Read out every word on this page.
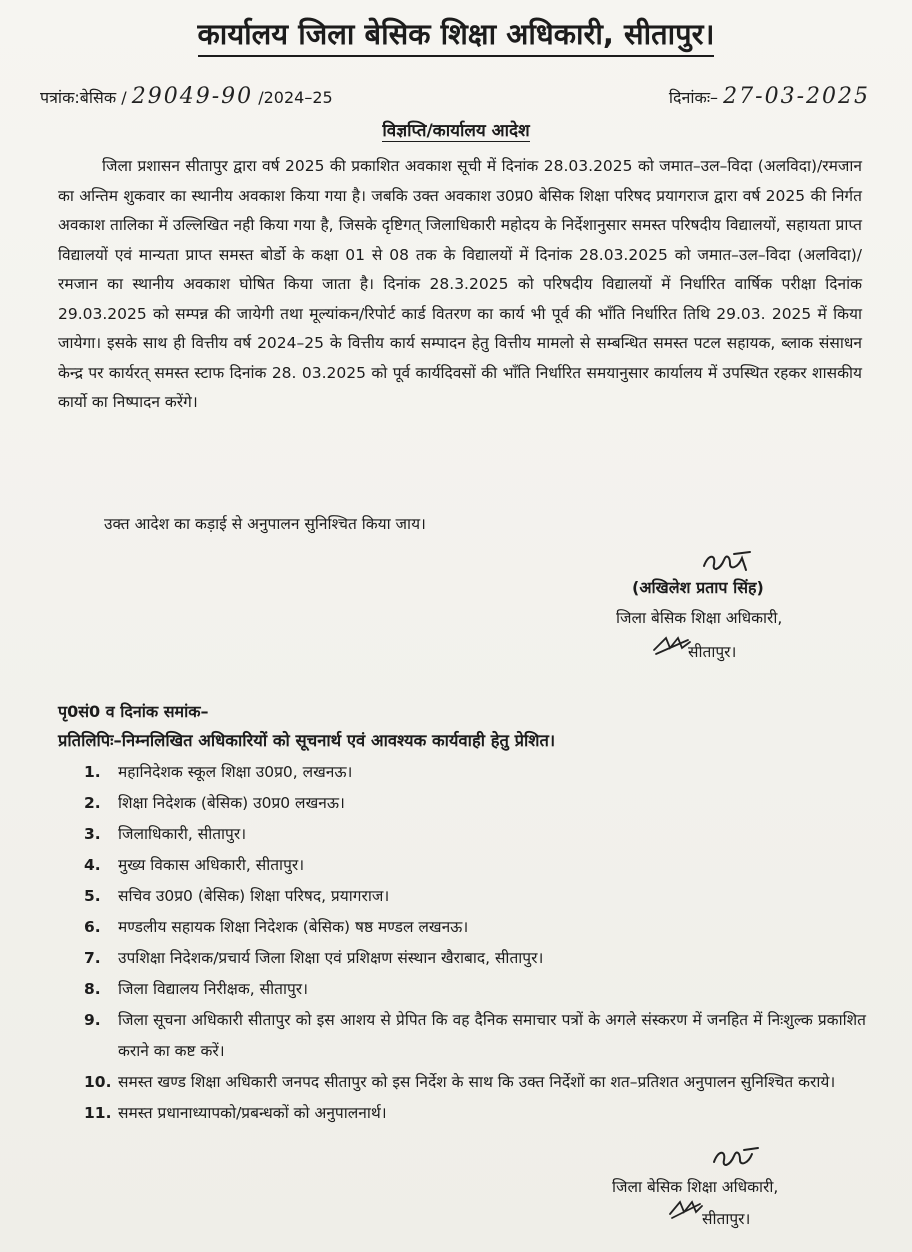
कार्यालय जिला बेसिक शिक्षा अधिकारी, सीतापुर।
पत्रांक:बेसिक / 29049-90 /2024–25	दिनांकः– 27-03-2025
विज्ञप्ति/कार्यालय आदेश

जिला प्रशासन सीतापुर द्वारा वर्ष 2025 की प्रकाशित अवकाश सूची में दिनांक 28.03.2025 को जमात–उल–विदा (अलविदा)/रमजान का अन्तिम शुकवार का स्थानीय अवकाश किया गया है। जबकि उक्त अवकाश उ0प्र0 बेसिक शिक्षा परिषद प्रयागराज द्वारा वर्ष 2025 की निर्गत अवकाश तालिका में उल्लिखित नही किया गया है, जिसके दृष्टिगत् जिलाधिकारी महोदय के निर्देशानुसार समस्त परिषदीय विद्यालयों, सहायता प्राप्त विद्यालयों एवं मान्यता प्राप्त समस्त बोर्डो के कक्षा 01 से 08 तक के विद्यालयों में दिनांक 28.03.2025 को जमात–उल–विदा (अलविदा)/रमजान का स्थानीय अवकाश घोषित किया जाता है। दिनांक 28.3.2025 को परिषदीय विद्यालयों में निर्धारित वार्षिक परीक्षा दिनांक 29.03.2025 को सम्पन्न की जायेगी तथा मूल्यांकन/रिपोर्ट कार्ड वितरण का कार्य भी पूर्व की भाँति निर्धारित तिथि 29.03. 2025 में किया जायेगा। इसके साथ ही वित्तीय वर्ष 2024–25 के वित्तीय कार्य सम्पादन हेतु वित्तीय मामलो से सम्बन्धित समस्त पटल सहायक, ब्लाक संसाधन केन्द्र पर कार्यरत् समस्त स्टाफ दिनांक 28. 03.2025 को पूर्व कार्यदिवसों की भाँति निर्धारित समयानुसार कार्यालय में उपस्थित रहकर शासकीय कार्यो का निष्पादन करेंगे।

उक्त आदेश का कड़ाई से अनुपालन सुनिश्चित किया जाय।
(अखिलेश प्रताप सिंह)
जिला बेसिक शिक्षा अधिकारी,
सीतापुर।
पृ0सं0 व दिनांक समांक–
प्रतिलिपिः–निम्नलिखित अधिकारियों को सूचनार्थ एवं आवश्यक कार्यवाही हेतु प्रेशित।
1.	महानिदेशक स्कूल शिक्षा उ0प्र0, लखनऊ।
2.	शिक्षा निदेशक (बेसिक) उ0प्र0 लखनऊ।
3.	जिलाधिकारी, सीतापुर।
4.	मुख्य विकास अधिकारी, सीतापुर।
5.	सचिव उ0प्र0 (बेसिक) शिक्षा परिषद, प्रयागराज।
6.	मण्डलीय सहायक शिक्षा निदेशक (बेसिक) षष्ठ मण्डल लखनऊ।
7.	उपशिक्षा निदेशक/प्रचार्य जिला शिक्षा एवं प्रशिक्षण संस्थान खैराबाद, सीतापुर।
8.	जिला विद्यालय निरीक्षक, सीतापुर।
9.	जिला सूचना अधिकारी सीतापुर को इस आशय से प्रेपित कि वह दैनिक समाचार पत्रों के अगले संस्करण में जनहित में निःशुल्क प्रकाशित कराने का कष्ट करें।
10. समस्त खण्ड शिक्षा अधिकारी जनपद सीतापुर को इस निर्देश के साथ कि उक्त निर्देशों का शत–प्रतिशत अनुपालन सुनिश्चित कराये।
11. समस्त प्रधानाध्यापको/प्रबन्धकों को अनुपालनार्थ।
जिला बेसिक शिक्षा अधिकारी,
सीतापुर।
